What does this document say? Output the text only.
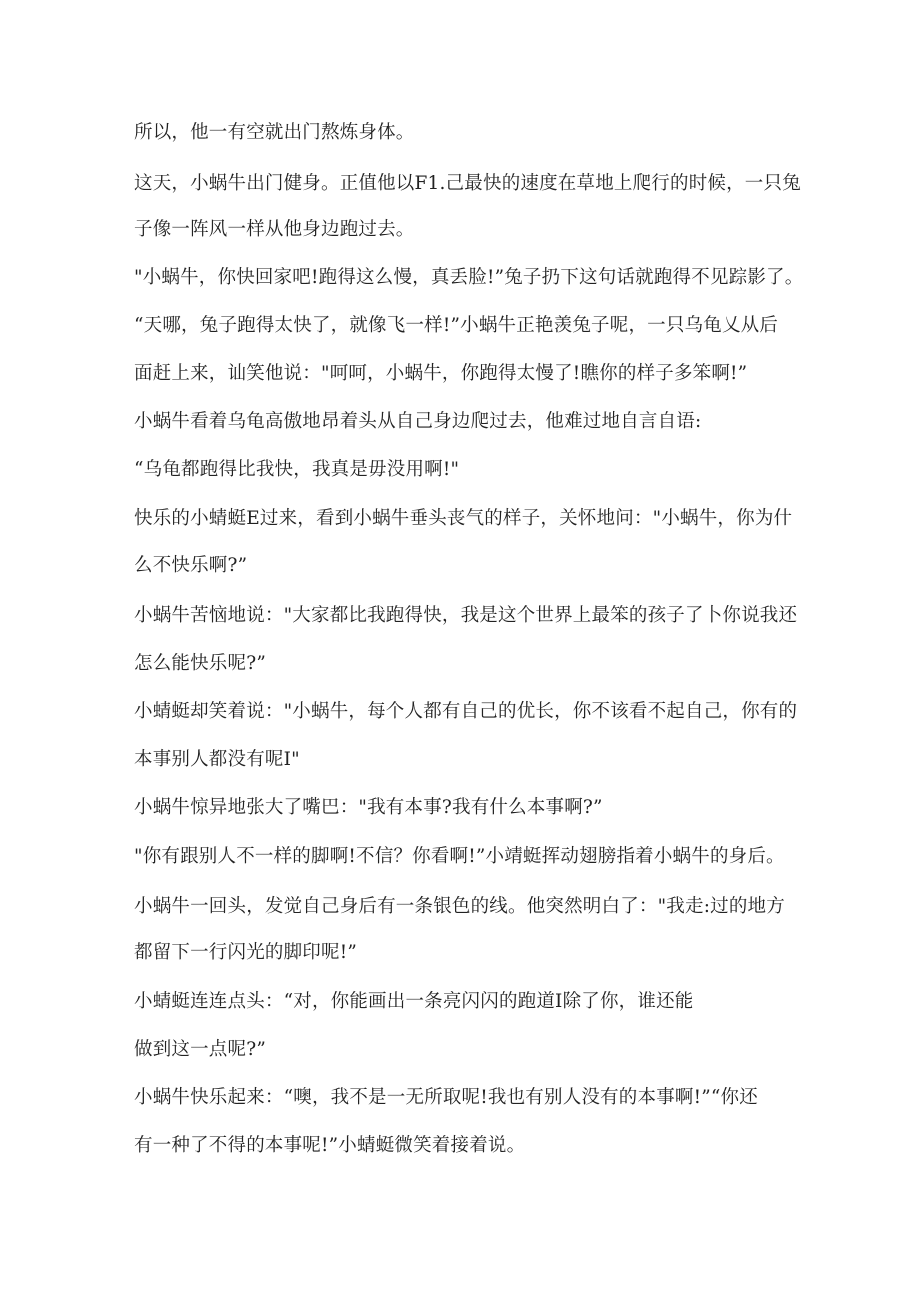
所以，他一有空就出门熬炼身体。
这天，小蜗牛出门健身。正值他以F1.己最快的速度在草地上爬行的时候，一只兔
子像一阵风一样从他身边跑过去。
"小蜗牛，你快回家吧!跑得这么慢，真丢脸!”兔子扔下这句话就跑得不见踪影了。
“天哪，兔子跑得太快了，就像飞一样!”小蜗牛正艳羡兔子呢，一只乌龟乂从后
面赶上来，讪笑他说："呵呵，小蜗牛，你跑得太慢了!瞧你的样子多笨啊!”
小蜗牛看着乌龟高傲地昂着头从自己身边爬过去，他难过地自言自语:
“乌龟都跑得比我快，我真是毋没用啊!"
快乐的小蜻蜓E过来，看到小蜗牛垂头丧气的样子，关怀地问："小蜗牛，你为什
么不快乐啊?”
小蜗牛苦恼地说："大家都比我跑得快，我是这个世界上最笨的孩子了卜你说我还
怎么能快乐呢?”
小蜻蜓却笑着说："小蜗牛，每个人都有自己的优长，你不该看不起自己，你有的
本事别人都没有呢I"
小蜗牛惊异地张大了嘴巴："我有本事?我有什么本事啊?”
"你有跟别人不一样的脚啊!不信？你看啊!”小靖蜓挥动翅膀指着小蜗牛的身后。
小蜗牛一回头，发觉自己身后有一条银色的线。他突然明白了："我走:过的地方
都留下一行闪光的脚印呢!”
小蜻蜓连连点头：“对，你能画出一条亮闪闪的跑道I除了你，谁还能
做到这一点呢?”
小蜗牛快乐起来：“噢，我不是一无所取呢!我也有别人没有的本事啊!”“你还
有一种了不得的本事呢!”小蜻蜓微笑着接着说。
